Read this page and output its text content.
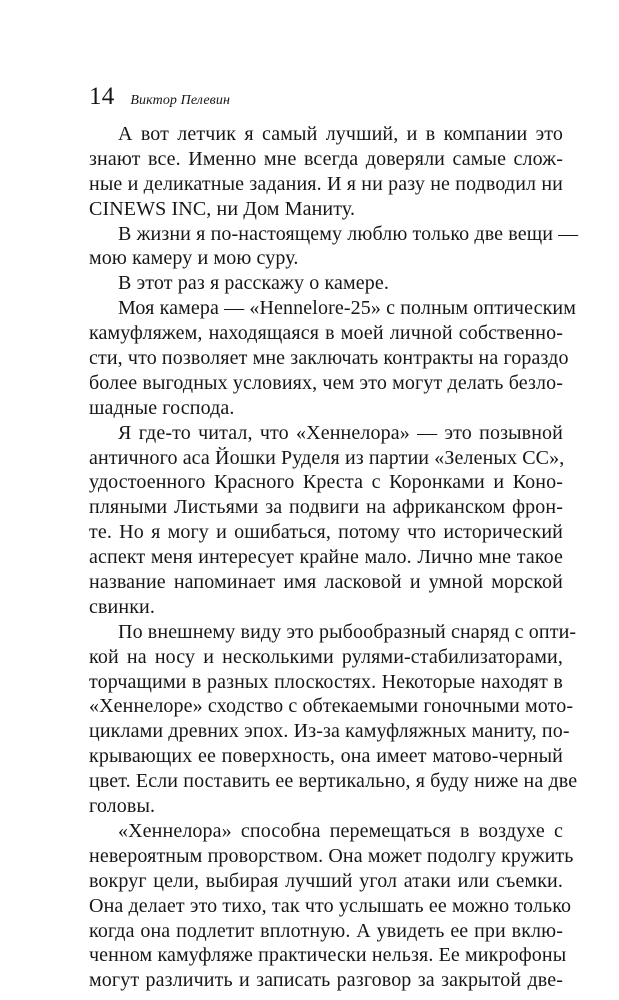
14 Виктор Пелевин
А вот летчик я самый лучший, и в компании это
знают все. Именно мне всегда доверяли самые слож-
ные и деликатные задания. И я ни разу не подводил ни
CINEWS INC, ни Дом Маниту.
В жизни я по-настоящему люблю только две вещи —
мою камеру и мою суру.
В этот раз я расскажу о камере.
Моя камера — «Hennelore-25» с полным оптическим
камуфляжем, находящаяся в моей личной собственно-
сти, что позволяет мне заключать контракты на гораздо
более выгодных условиях, чем это могут делать безло-
шадные господа.
Я где-то читал, что «Хеннелора» — это позывной
античного аса Йошки Руделя из партии «Зеленых СС»,
удостоенного Красного Креста с Коронками и Коно-
пляными Листьями за подвиги на африканском фрон-
те. Но я могу и ошибаться, потому что исторический
аспект меня интересует крайне мало. Лично мне такое
название напоминает имя ласковой и умной морской
свинки.
По внешнему виду это рыбообразный снаряд с опти-
кой на носу и несколькими рулями-стабилизаторами,
торчащими в разных плоскостях. Некоторые находят в
«Хеннелоре» сходство с обтекаемыми гоночными мото-
циклами древних эпох. Из-за камуфляжных маниту, по-
крывающих ее поверхность, она имеет матово-черный
цвет. Если поставить ее вертикально, я буду ниже на две
головы.
«Хеннелора» способна перемещаться в воздухе с
невероятным проворством. Она может подолгу кружить
вокруг цели, выбирая лучший угол атаки или съемки.
Она делает это тихо, так что услышать ее можно только
когда она подлетит вплотную. А увидеть ее при вклю-
ченном камуфляже практически нельзя. Ее микрофоны
могут различить и записать разговор за закрытой две-
